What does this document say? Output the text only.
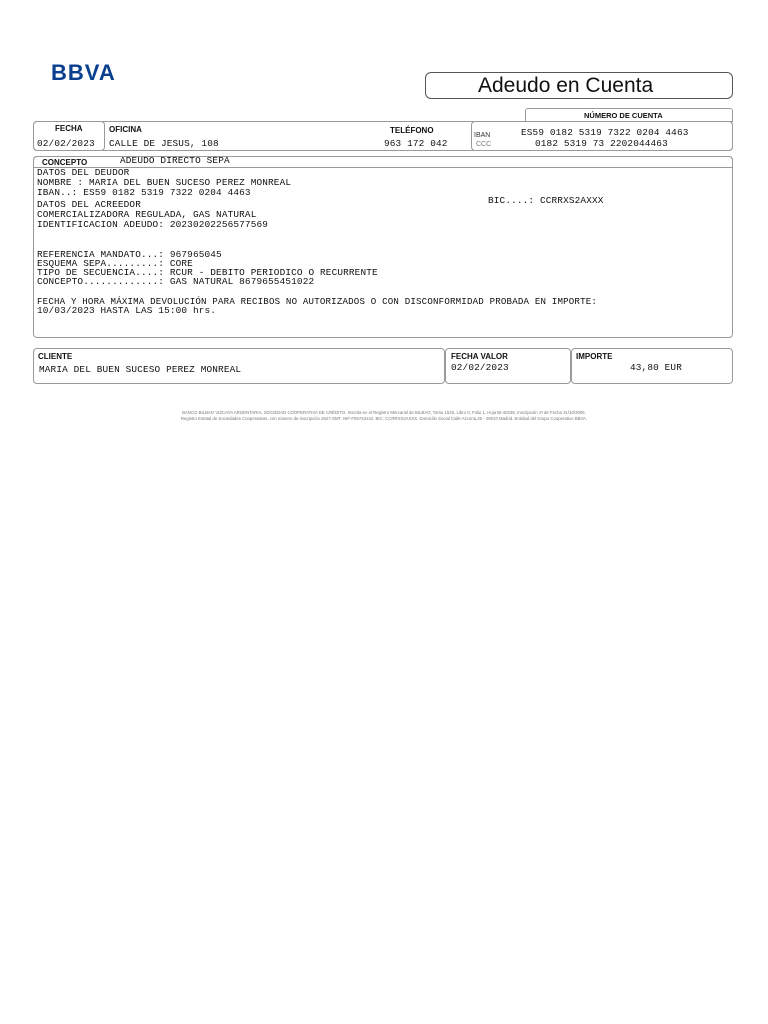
BBVA
Adeudo en Cuenta
NÚMERO DE CUENTA
FECHA
02/02/2023
OFICINA
CALLE DE JESUS, 108
TELÉFONO
963 172 042
IBAN	ES59 0182 5319 7322 0204 4463
CCC	0182 5319 73 2202044463
CONCEPTO	ADEUDO DIRECTO SEPA
DATOS DEL DEUDOR
NOMBRE : MARIA DEL BUEN SUCESO PEREZ MONREAL
IBAN..: ES59 0182 5319 7322 0204 4463
BIC....: CCRRXS2AXXX
DATOS DEL ACREEDOR
COMERCIALIZADORA REGULADA, GAS NATURAL
IDENTIFICACION ADEUDO: 20230202256577569
REFERENCIA MANDATO...: 967965045
ESQUEMA SEPA.........: CORE
TIPO DE SECUENCIA....: RCUR - DEBITO PERIODICO O RECURRENTE
CONCEPTO.............: GAS NATURAL 8679655451022
FECHA Y HORA MÁXIMA DEVOLUCIÓN PARA RECIBOS NO AUTORIZADOS O CON DISCONFORMIDAD PROBADA EN IMPORTE:
10/03/2023 HASTA LAS 15:00 hrs.
CLIENTE
MARIA DEL BUEN SUCESO PEREZ MONREAL
FECHA VALOR
02/02/2023
IMPORTE
43,80 EUR
BANCO BILBAO VIZCAYA ARGENTARIA, SOCIEDAD COOPERATIVA DE CRÉDITO. Inscrita en el Registro Mercantil de BILBAO, Tomo 1526, Libro 0, Folio 1, Hoja BI-40336, Inscripción 1ª de Fecha 31/10/2006.
Registro Estatal de Sociedades Cooperativas, con número de inscripción 2627-SMT. NIF-F05743142. BIC: CCRRXS2AXXX. Domicilio Social Calle Azcona,26 - 28010 Madrid. Entidad del Grupo Cooperativo BBVA.
